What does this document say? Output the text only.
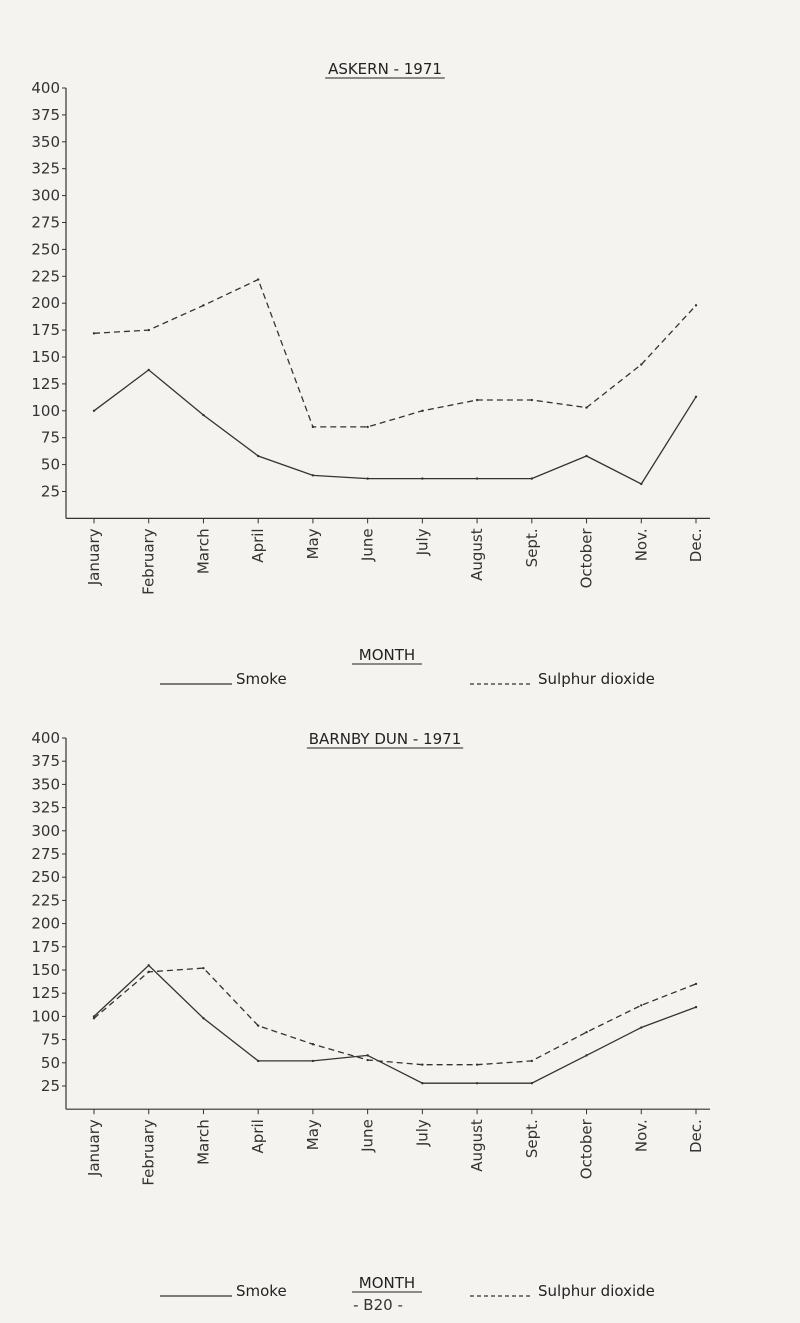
ASKERN - 1971
400
375
350
325
300
275
250
225
200
175
150
125
100
75
50
25
January February March April May June July August Sept. October Nov. Dec.
MONTH
Smoke	Sulphur dioxide
BARNBY DUN - 1971
400
375
350
325
300
275
250
225
200
175
150
125
100
75
50
25
January February March April May June July August Sept. October Nov. Dec.
MONTH
Smoke	Sulphur dioxide
- B20 -
